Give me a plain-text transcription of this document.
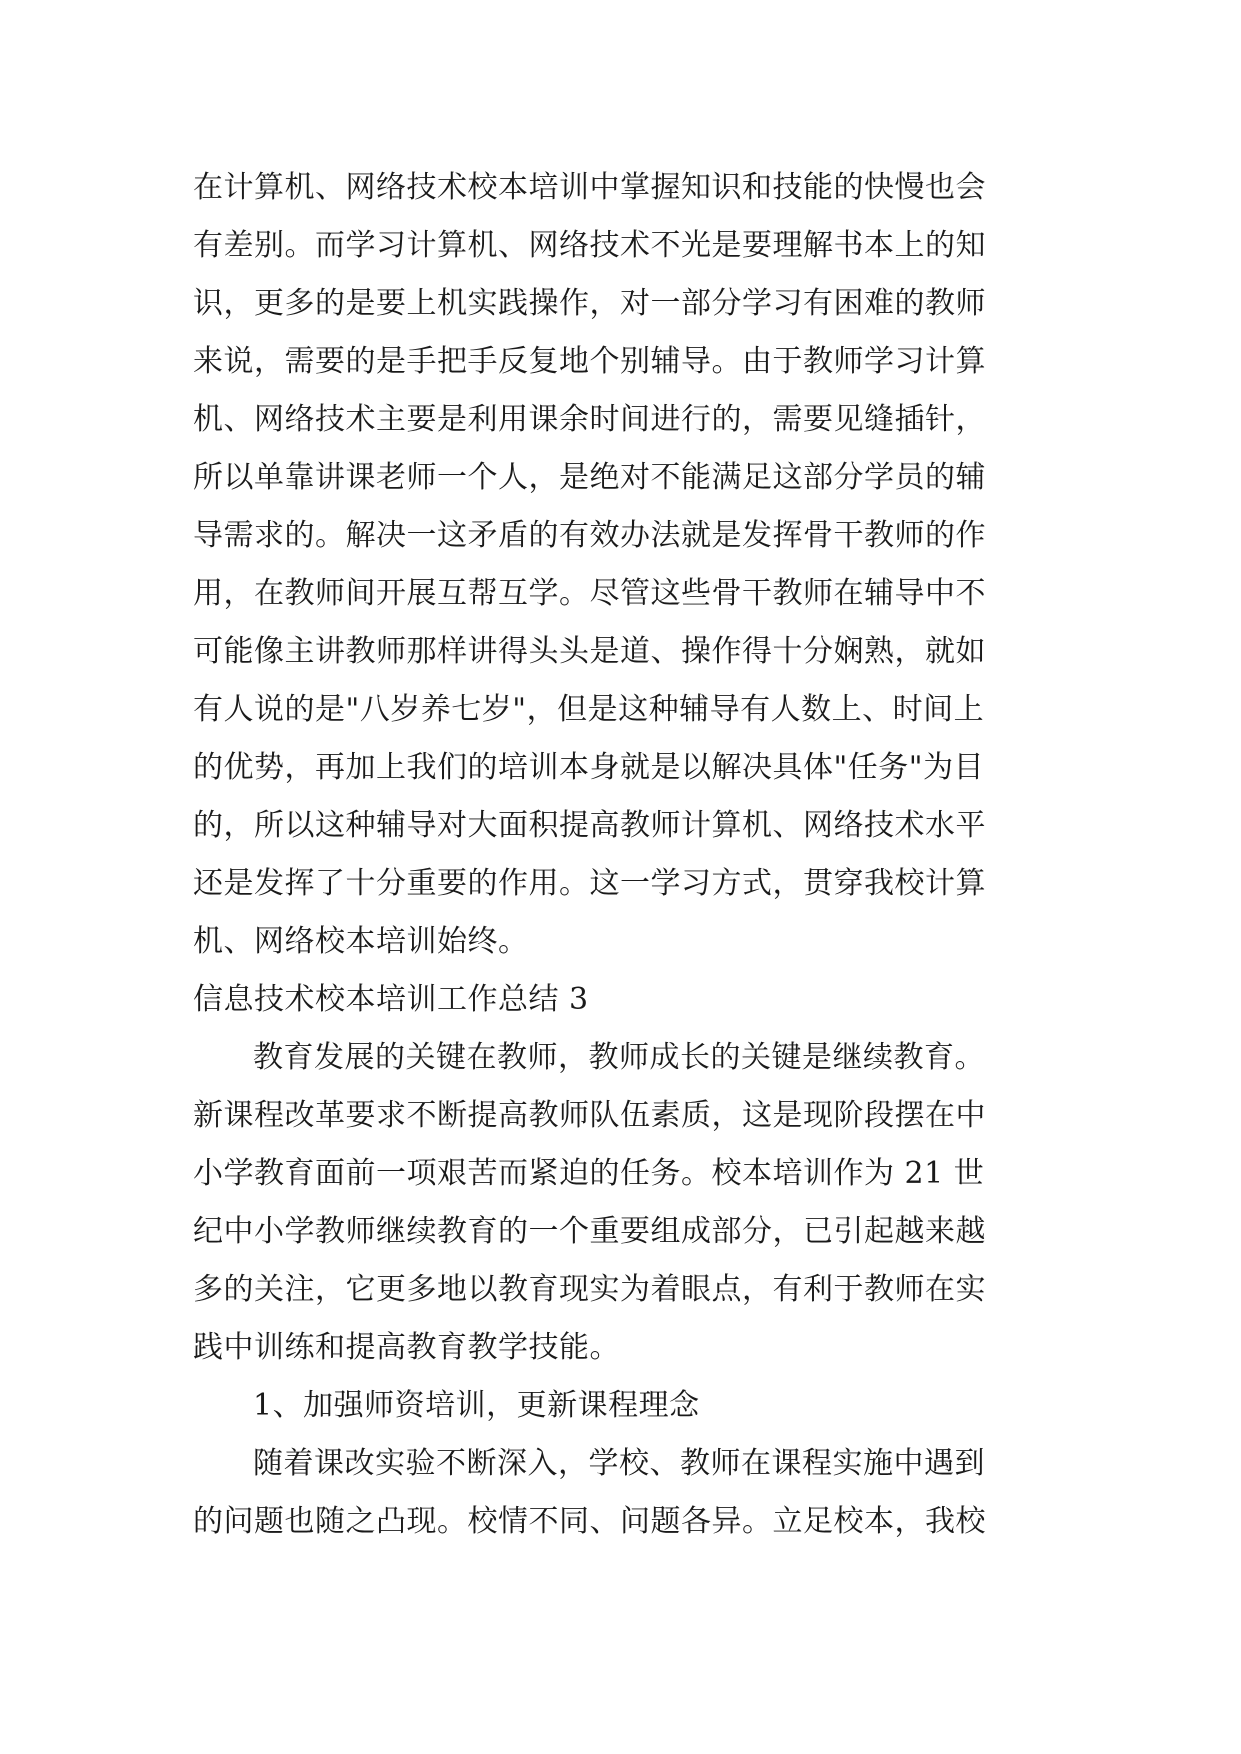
在计算机、网络技术校本培训中掌握知识和技能的快慢也会
有差别。而学习计算机、网络技术不光是要理解书本上的知
识，更多的是要上机实践操作，对一部分学习有困难的教师
来说，需要的是手把手反复地个别辅导。由于教师学习计算
机、网络技术主要是利用课余时间进行的，需要见缝插针，
所以单靠讲课老师一个人，是绝对不能满足这部分学员的辅
导需求的。解决一这矛盾的有效办法就是发挥骨干教师的作
用，在教师间开展互帮互学。尽管这些骨干教师在辅导中不
可能像主讲教师那样讲得头头是道、操作得十分娴熟，就如
有人说的是"八岁养七岁"，但是这种辅导有人数上、时间上
的优势，再加上我们的培训本身就是以解决具体"任务"为目
的，所以这种辅导对大面积提高教师计算机、网络技术水平
还是发挥了十分重要的作用。这一学习方式，贯穿我校计算
机、网络校本培训始终。
信息技术校本培训工作总结 3
教育发展的关键在教师，教师成长的关键是继续教育。
新课程改革要求不断提高教师队伍素质，这是现阶段摆在中
小学教育面前一项艰苦而紧迫的任务。校本培训作为 21 世
纪中小学教师继续教育的一个重要组成部分，已引起越来越
多的关注，它更多地以教育现实为着眼点，有利于教师在实
践中训练和提高教育教学技能。
1、加强师资培训，更新课程理念
随着课改实验不断深入，学校、教师在课程实施中遇到
的问题也随之凸现。校情不同、问题各异。立足校本，我校
